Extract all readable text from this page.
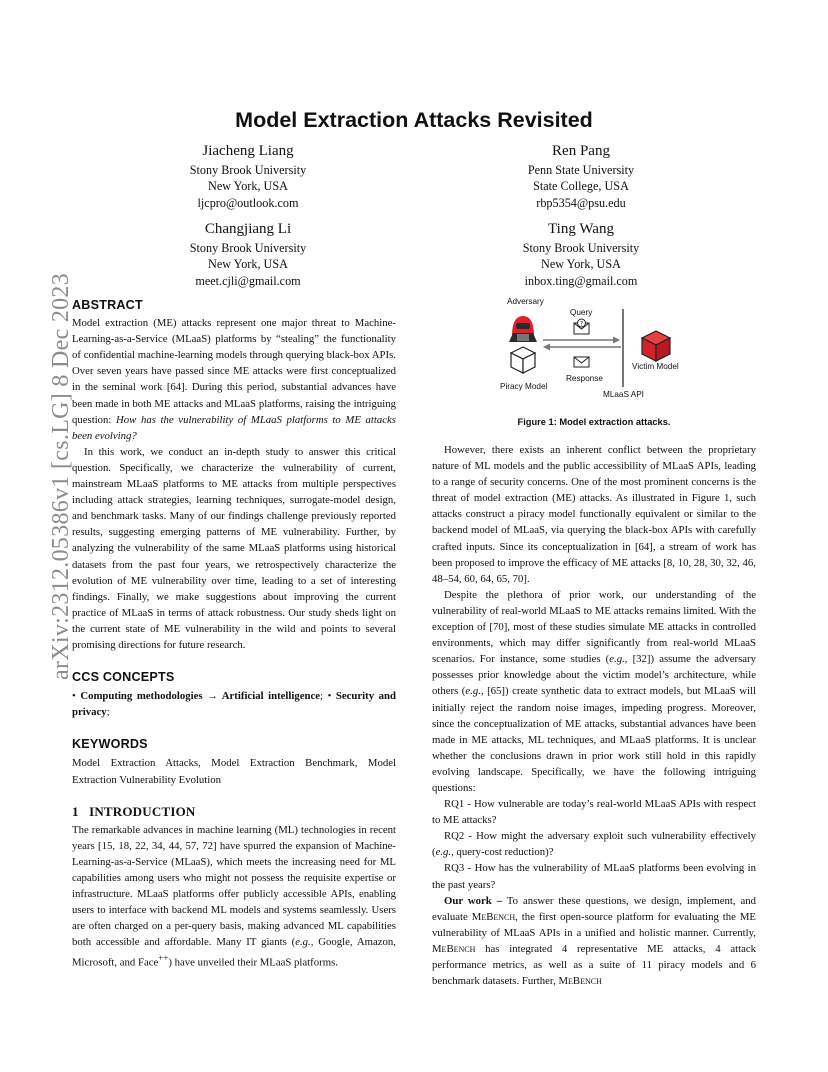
Model Extraction Attacks Revisited
arXiv:2312.05386v1 [cs.LG] 8 Dec 2023
Jiacheng Liang
Stony Brook University
New York, USA
ljcpro@outlook.com
Ren Pang
Penn State University
State College, USA
rbp5354@psu.edu
Changjiang Li
Stony Brook University
New York, USA
meet.cjli@gmail.com
Ting Wang
Stony Brook University
New York, USA
inbox.ting@gmail.com
ABSTRACT

Model extraction (ME) attacks represent one major threat to Machine-Learning-as-a-Service (MLaaS) platforms by “stealing” the functionality of confidential machine-learning models through querying black-box APIs. Over seven years have passed since ME attacks were first conceptualized in the seminal work [64]. During this period, substantial advances have been made in both ME attacks and MLaaS platforms, raising the intriguing question: How has the vulnerability of MLaaS platforms to ME attacks been evolving?

In this work, we conduct an in-depth study to answer this critical question. Specifically, we characterize the vulnerability of current, mainstream MLaaS platforms to ME attacks from multiple perspectives including attack strategies, learning techniques, surrogate-model design, and benchmark tasks. Many of our findings challenge previously reported results, suggesting emerging patterns of ME vulnerability. Further, by analyzing the vulnerability of the same MLaaS platforms using historical datasets from the past four years, we retrospectively characterize the evolution of ME vulnerability over time, leading to a set of interesting findings. Finally, we make suggestions about improving the current practice of MLaaS in terms of attack robustness. Our study sheds light on the current state of ME vulnerability in the wild and points to several promising directions for future research.

CCS CONCEPTS

• Computing methodologies → Artificial intelligence; • Security and privacy;

KEYWORDS

Model Extraction Attacks, Model Extraction Benchmark, Model Extraction Vulnerability Evolution

1 INTRODUCTION

The remarkable advances in machine learning (ML) technologies in recent years [15, 18, 22, 34, 44, 57, 72] have spurred the expansion of Machine-Learning-as-a-Service (MLaaS), which meets the increasing need for ML capabilities among users who might not possess the requisite expertise or infrastructure. MLaaS platforms offer publicly accessible APIs, enabling users to interface with backend ML models and systems seamlessly. Users are often charged on a per-query basis, making advanced ML capabilities both accessible and affordable. Many IT giants (e.g., Google, Amazon, Microsoft, and Face++) have unveiled their MLaaS platforms.

?
Adversary
Query
Response
Piracy Model
Victim Model
MLaaS API

Figure 1: Model extraction attacks.

However, there exists an inherent conflict between the proprietary nature of ML models and the public accessibility of MLaaS APIs, leading to a range of security concerns. One of the most prominent concerns is the threat of model extraction (ME) attacks. As illustrated in Figure 1, such attacks construct a piracy model functionally equivalent or similar to the backend model of MLaaS, via querying the black-box APIs with carefully crafted inputs. Since its conceptualization in [64], a stream of work has been proposed to improve the efficacy of ME attacks [8, 10, 28, 30, 32, 46, 48–54, 60, 64, 65, 70].

Despite the plethora of prior work, our understanding of the vulnerability of real-world MLaaS to ME attacks remains limited. With the exception of [70], most of these studies simulate ME attacks in controlled environments, which may differ significantly from real-world MLaaS scenarios. For instance, some studies (e.g., [32]) assume the adversary possesses prior knowledge about the victim model’s architecture, while others (e.g., [65]) create synthetic data to extract models, but MLaaS will initially reject the random noise images, impeding progress. Moreover, since the conceptualization of ME attacks, substantial advances have been made in ME attacks, ML techniques, and MLaaS platforms. It is unclear whether the conclusions drawn in prior work still hold in this rapidly evolving landscape. Specifically, we have the following intriguing questions:

RQ1 - How vulnerable are today’s real-world MLaaS APIs with respect to ME attacks?

RQ2 - How might the adversary exploit such vulnerability effectively (e.g., query-cost reduction)?

RQ3 - How has the vulnerability of MLaaS platforms been evolving in the past years?

Our work – To answer these questions, we design, implement, and evaluate MeBench, the first open-source platform for evaluating the ME vulnerability of MLaaS APIs in a unified and holistic manner. Currently, MeBench has integrated 4 representative ME attacks, 4 attack performance metrics, as well as a suite of 11 piracy models and 6 benchmark datasets. Further, MeBench
